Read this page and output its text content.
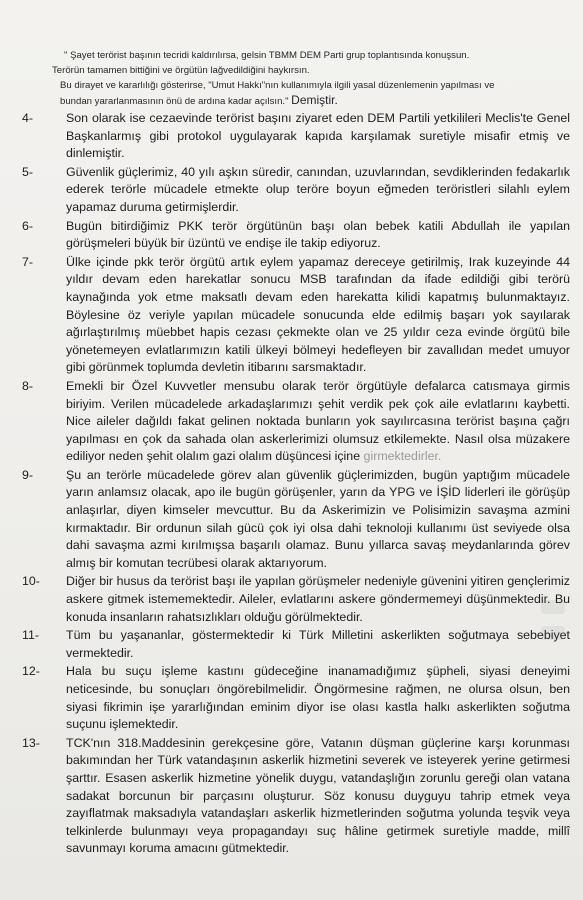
" Şayet terörist başının tecridi kaldırılırsa, gelsin TBMM DEM Parti grup toplantısında konuşsun.

Terörün tamamen bittiğini ve örgütün lağvedildiğini haykırsın.

Bu dirayet ve kararlılığı gösterirse, "Umut Hakkı"nın kullanımıyla ilgili yasal düzenlemenin yapılması ve

bundan yararlanmasının önü de ardına kadar açılsın." Demiştir.

4-	Son olarak ise cezaevinde terörist başını ziyaret eden DEM Partili yetkilileri Meclis'te Genel Başkanlarmış gibi protokol uygulayarak kapıda karşılamak suretiyle misafir etmiş ve dinlemiştir.
5-	Güvenlik güçlerimiz, 40 yılı aşkın süredir, canından, uzuvlarından, sevdiklerinden fedakarlık ederek terörle mücadele etmekte olup teröre boyun eğmeden teröristleri silahlı eylem yapamaz duruma getirmişlerdir.
6-	Bugün bitirdiğimiz PKK terör örgütünün başı olan bebek katili Abdullah ile yapılan görüşmeleri büyük bir üzüntü ve endişe ile takip ediyoruz.
7-	Ülke içinde pkk terör örgütü artık eylem yapamaz dereceye getirilmiş, Irak kuzeyinde 44 yıldır devam eden harekatlar sonucu MSB tarafından da ifade edildiği gibi terörü kaynağında yok etme maksatlı devam eden harekatta kilidi kapatmış bulunmaktayız. Böylesine öz veriyle yapılan mücadele sonucunda elde edilmiş başarı yok sayılarak ağırlaştırılmış müebbet hapis cezası çekmekte olan ve 25 yıldır ceza evinde örgütü bile yönetemeyen evlatlarımızın katili ülkeyi bölmeyi hedefleyen bir zavallıdan medet umuyor gibi görünmek toplumda devletin itibarını sarsmaktadır.
8-	Emekli bir Özel Kuvvetler mensubu olarak terör örgütüyle defalarca catısmaya girmis biriyim. Verilen mücadelede arkadaşlarımızı şehit verdik pek çok aile evlatlarını kaybetti. Nice aileler dağıldı fakat gelinen noktada bunların yok sayılırcasına terörist başına çağrı yapılması en çok da sahada olan askerlerimizi olumsuz etkilemekte. Nasıl olsa müzakere ediliyor neden şehit olalım gazi olalım düşüncesi içine girmektedirler.
9-	Şu an terörle mücadelede görev alan güvenlik güçlerimizden, bugün yaptığım mücadele yarın anlamsız olacak, apo ile bugün görüşenler, yarın da YPG ve İŞİD liderleri ile görüşüp anlaşırlar, diyen kimseler mevcuttur. Bu da Askerimizin ve Polisimizin savaşma azmini kırmaktadır. Bir ordunun silah gücü çok iyi olsa dahi teknoloji kullanımı üst seviyede olsa dahi savaşma azmi kırılmışsa başarılı olamaz. Bunu yıllarca savaş meydanlarında görev almış bir komutan tecrübesi olarak aktarıyorum.
10-	Diğer bir husus da terörist başı ile yapılan görüşmeler nedeniyle güvenini yitiren gençlerimiz askere gitmek istememektedir. Aileler, evlatlarını askere göndermemeyi düşünmektedir. Bu konuda insanların rahatsızlıkları olduğu görülmektedir.
11-	Tüm bu yaşananlar, göstermektedir ki Türk Milletini askerlikten soğutmaya sebebiyet vermektedir.
12-	Hala bu suçu işleme kastını güdeceğine inanamadığımız şüpheli, siyasi deneyimi neticesinde, bu sonuçları öngörebilmelidir. Öngörmesine rağmen, ne olursa olsun, ben siyasi fikrimin işe yararlığından eminim diyor ise olası kastla halkı askerlikten soğutma suçunu işlemektedir.
13-	TCK'nın 318.Maddesinin gerekçesine göre, Vatanın düşman güçlerine karşı korunması bakımından her Türk vatandaşının askerlik hizmetini severek ve isteyerek yerine getirmesi şarttır. Esasen askerlik hizmetine yönelik duygu, vatandaşlığın zorunlu gereği olan vatana sadakat borcunun bir parçasını oluşturur. Söz konusu duyguyu tahrip etmek veya zayıflatmak maksadıyla vatandaşları askerlik hizmetlerinden soğutma yolunda teşvik veya telkinlerde bulunmayı veya propagandayı suç hâline getirmek suretiyle madde, millî savunmayı koruma amacını gütmektedir.
